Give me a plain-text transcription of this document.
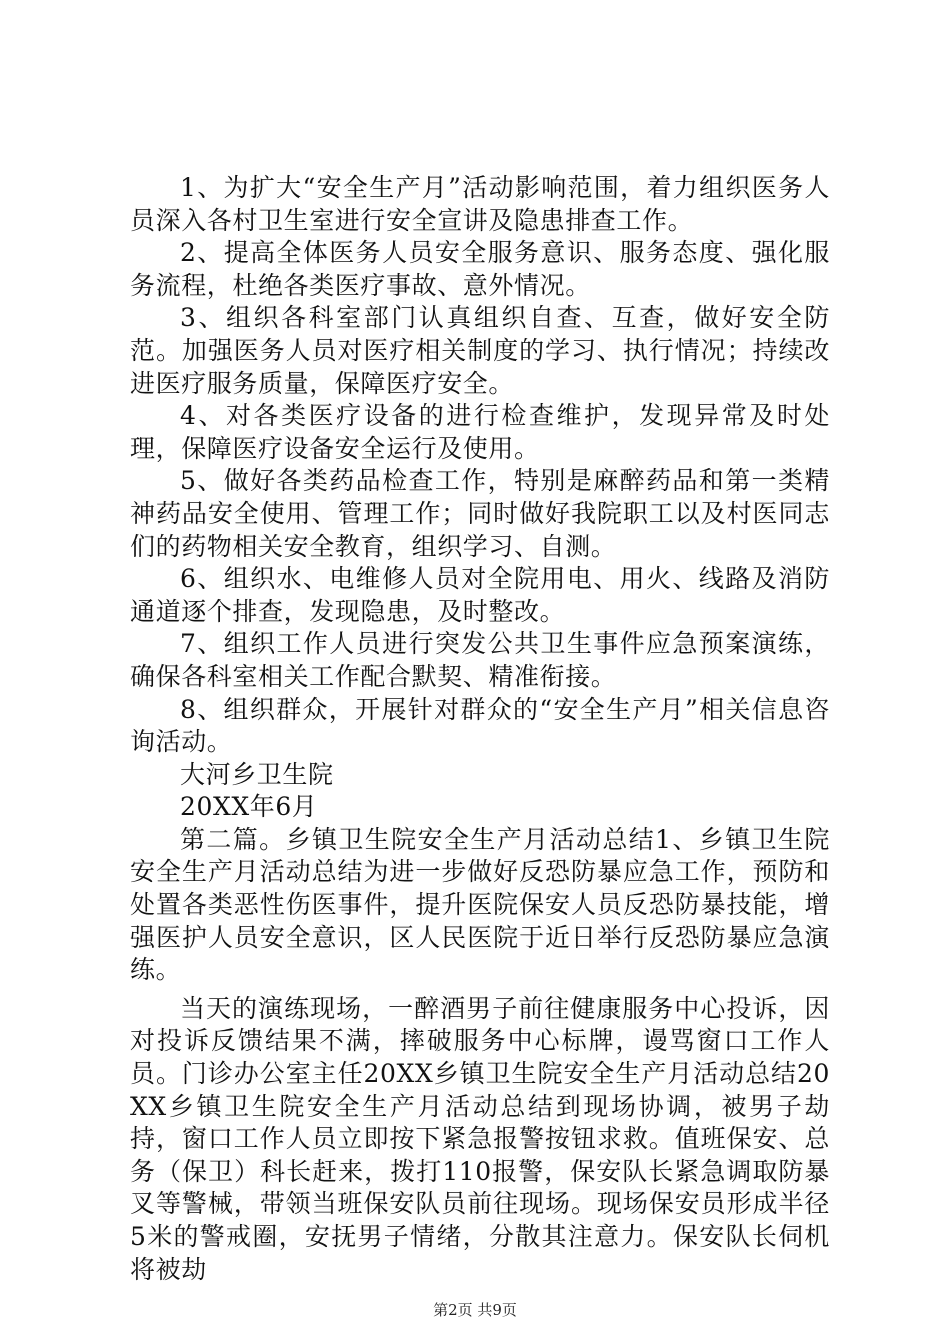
1、为扩大“安全生产月”活动影响范围，着力组织医务人员深入各村卫生室进行安全宣讲及隐患排查工作。

2、提高全体医务人员安全服务意识、服务态度、强化服务流程，杜绝各类医疗事故、意外情况。

3、组织各科室部门认真组织自查、互查，做好安全防范。加强医务人员对医疗相关制度的学习、执行情况；持续改进医疗服务质量，保障医疗安全。

4、对各类医疗设备的进行检查维护，发现异常及时处理，保障医疗设备安全运行及使用。

5、做好各类药品检查工作，特别是麻醉药品和第一类精神药品安全使用、管理工作；同时做好我院职工以及村医同志们的药物相关安全教育，组织学习、自测。

6、组织水、电维修人员对全院用电、用火、线路及消防通道逐个排查，发现隐患，及时整改。

7、组织工作人员进行突发公共卫生事件应急预案演练，确保各科室相关工作配合默契、精准衔接。

8、组织群众，开展针对群众的“安全生产月”相关信息咨询活动。

大河乡卫生院

20XX年6月

第二篇。乡镇卫生院安全生产月活动总结1、乡镇卫生院安全生产月活动总结为进一步做好反恐防暴应急工作，预防和处置各类恶性伤医事件，提升医院保安人员反恐防暴技能，增强医护人员安全意识，区人民医院于近日举行反恐防暴应急演练。

当天的演练现场，一醉酒男子前往健康服务中心投诉，因对投诉反馈结果不满，摔破服务中心标牌，谩骂窗口工作人员。门诊办公室主任20XX乡镇卫生院安全生产月活动总结20XX乡镇卫生院安全生产月活动总结到现场协调，被男子劫持，窗口工作人员立即按下紧急报警按钮求救。值班保安、总务（保卫）科长赶来，拨打110报警，保安队长紧急调取防暴叉等警械，带领当班保安队员前往现场。现场保安员形成半径5米的警戒圈，安抚男子情绪，分散其注意力。保安队长伺机将被劫

第2页 共9页
